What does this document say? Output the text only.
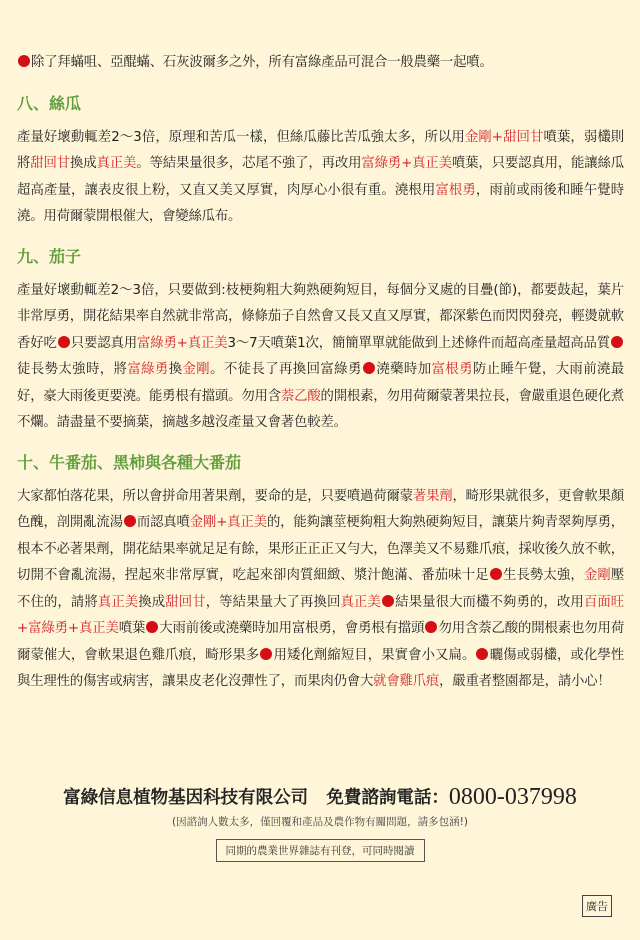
除了拜蟎咀、亞醌蟎、石灰波爾多之外，所有富綠產品可混合一般農藥一起噴。

八、絲瓜

產量好壞動輒差2～3倍，原理和苦瓜一樣，但絲瓜藤比苦瓜強太多，所以用金剛+甜回甘噴葉，弱欉則將甜回甘換成真正美。等結果量很多，芯尾不強了，再改用富綠勇+真正美噴葉，只要認真用，能讓絲瓜超高產量，讓表皮很上粉，又直又美又厚實，肉厚心小很有重。澆根用富根勇，雨前或雨後和睡午覺時澆。用荷爾蒙開根催大，會變絲瓜布。

九、茄子

產量好壞動輒差2～3倍，只要做到:枝梗夠粗大夠熟硬夠短目，每個分叉處的目疊(節)，都要鼓起，葉片非常厚勇，開花結果率自然就非常高，條條茄子自然會又長又直又厚實，都深紫色而閃閃發亮，輕燙就軟香好吃 只要認真用富綠勇+真正美3～7天噴葉1次，簡簡單單就能做到上述條件而超高產量超高品質徒長勢太強時，將富綠勇換金剛。不徒長了再換回富綠勇 澆藥時加富根勇防止睡午覺，大雨前澆最好，豪大雨後更要澆。能勇根有擋頭。勿用含萘乙酸的開根素，勿用荷爾蒙著果拉長，會嚴重退色硬化煮不爛。請盡量不要摘葉，摘越多越沒產量又會著色較差。

十、牛番茄、黑柿與各種大番茄

大家都怕落花果，所以會拼命用著果劑，要命的是，只要噴過荷爾蒙著果劑，畸形果就很多，更會軟果顏色醜，剖開亂流湯 而認真噴金剛+真正美的，能夠讓莖梗夠粗大夠熟硬夠短目，讓葉片夠青翠夠厚勇，根本不必著果劑，開花結果率就足足有餘，果形正正正又勻大，色澤美又不易雞爪痕，採收後久放不軟，切開不會亂流湯，捏起來非常厚實，吃起來卻肉質細緻、漿汁飽滿、番茄味十足 生長勢太強，金剛壓不住的，請將真正美換成甜回甘，等結果量大了再換回真正美 結果量很大而欉不夠勇的，改用百面旺+富綠勇+真正美噴葉 大雨前後或澆藥時加用富根勇，會勇根有擋頭 勿用含萘乙酸的開根素也勿用荷爾蒙催大，會軟果退色雞爪痕，畸形果多 用矮化劑縮短目，果實會小又扁。 曬傷或弱欉，或化學性與生理性的傷害或病害，讓果皮老化沒彈性了，而果肉仍會大就會雞爪痕，嚴重者整園都是，請小心！

富綠信息植物基因科技有限公司 免費諮詢電話：0800-037998
(因諮詢人數太多，僅回覆和產品及農作物有關問題，請多包涵!)
同期的農業世界雜誌有刊登，可同時閱讀
廣告
